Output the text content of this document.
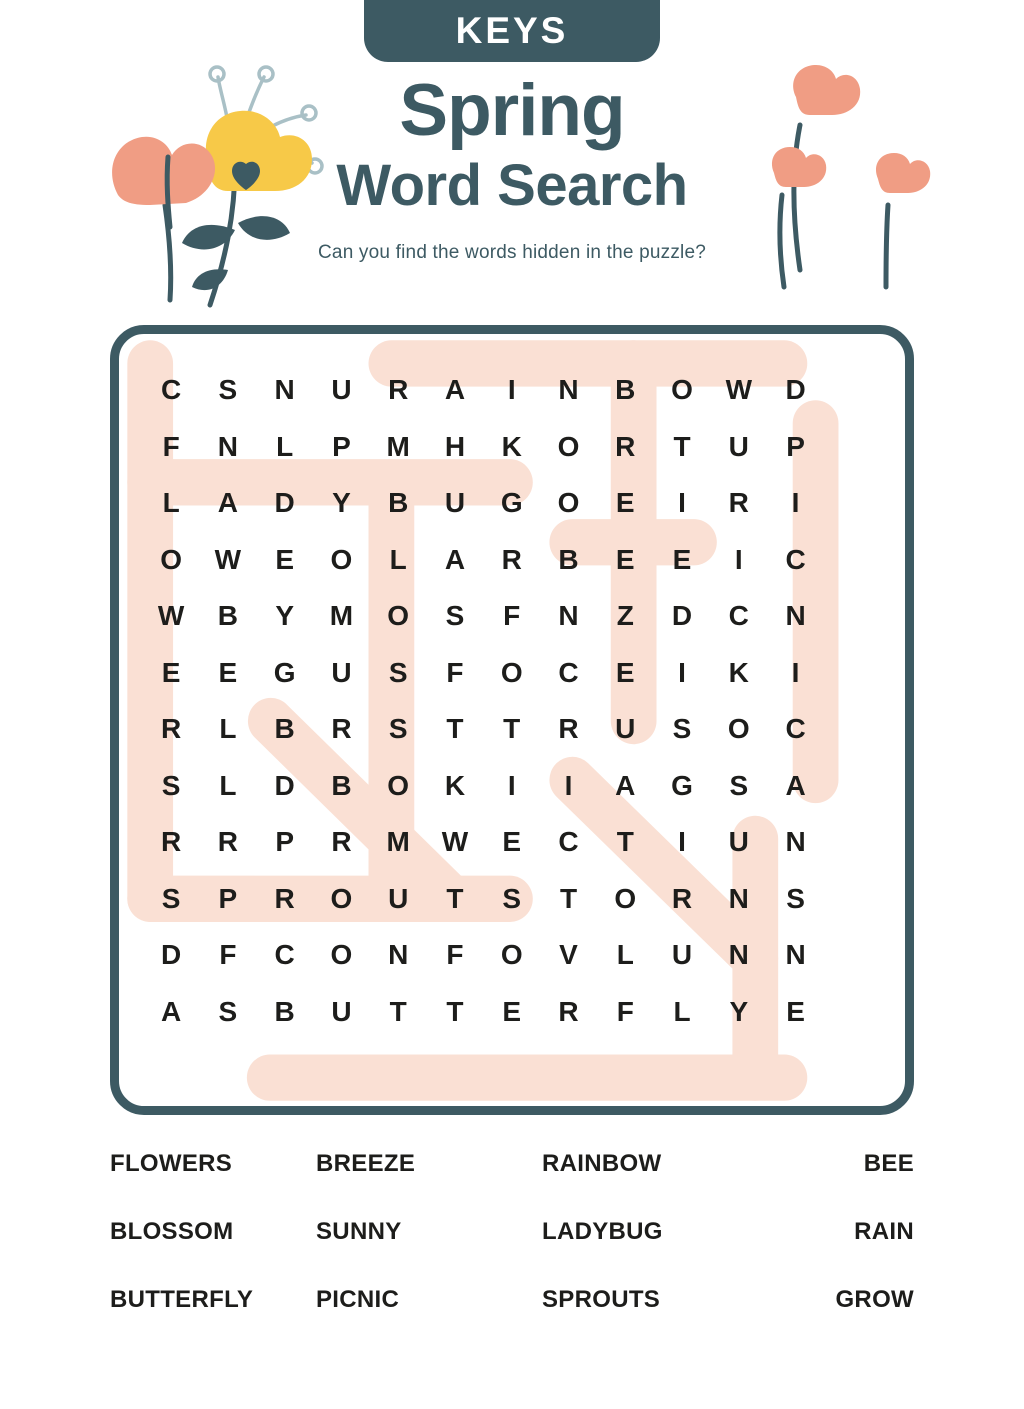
KEYS
Spring
Word Search
Can you find the words hidden in the puzzle?
C	S	N	U	R	A	I	N	B	O	W	D	
F	N	L	P	M	H	K	O	R	T	U	P	
L	A	D	Y	B	U	G	O	E	I	R	I	
O	W	E	O	L	A	R	B	E	E	I	C	
W	B	Y	M	O	S	F	N	Z	D	C	N	
E	E	G	U	S	F	O	C	E	I	K	I	
R	L	B	R	S	T	T	R	U	S	O	C	
S	L	D	B	O	K	I	I	A	G	S	A	
R	R	P	R	M	W	E	C	T	I	U	N	
S	P	R	O	U	T	S	T	O	R	N	S	
D	F	C	O	N	F	O	V	L	U	N	N	
A	S	B	U	T	T	E	R	F	L	Y	E	
FLOWERS	BREEZE	RAINBOW	BEE
BLOSSOM	SUNNY	LADYBUG	RAIN
BUTTERFLY	PICNIC	SPROUTS	GROW
